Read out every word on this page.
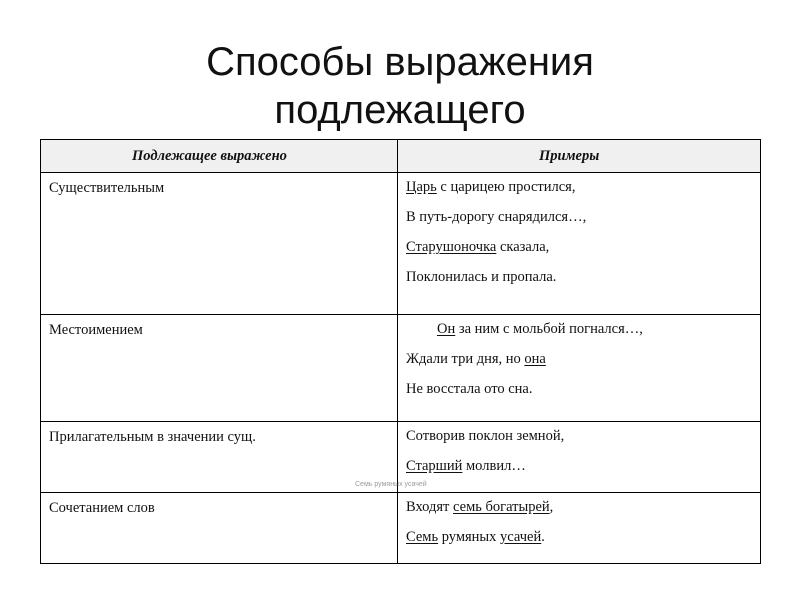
Способы выражения
подлежащего
Подлежащее выражено	Примеры

Существительным	Царь с царицею простился,
В путь-дорогу снарядился…,
Старушоночка сказала,
Поклонилась и пропала.

Местоимением	Он за ним с мольбой погнался…,
Ждали три дня, но она
Не восстала ото сна.

Прилагательным в значении сущ.	Сотворив поклон земной,
Старший молвил…

Сочетанием слов	Входят семь богатырей,
Семь румяных усачей.
Семь румяных усачей
